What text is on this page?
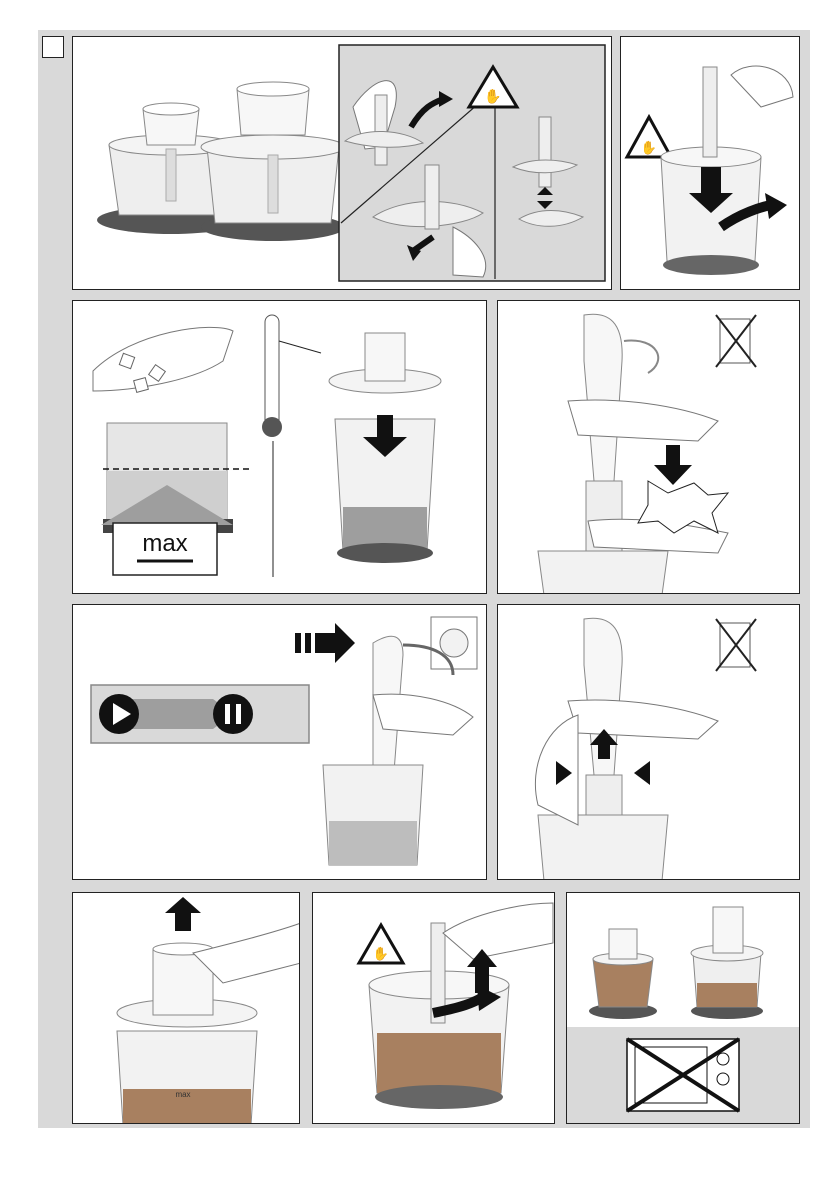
✋
✋
max
max
✋
